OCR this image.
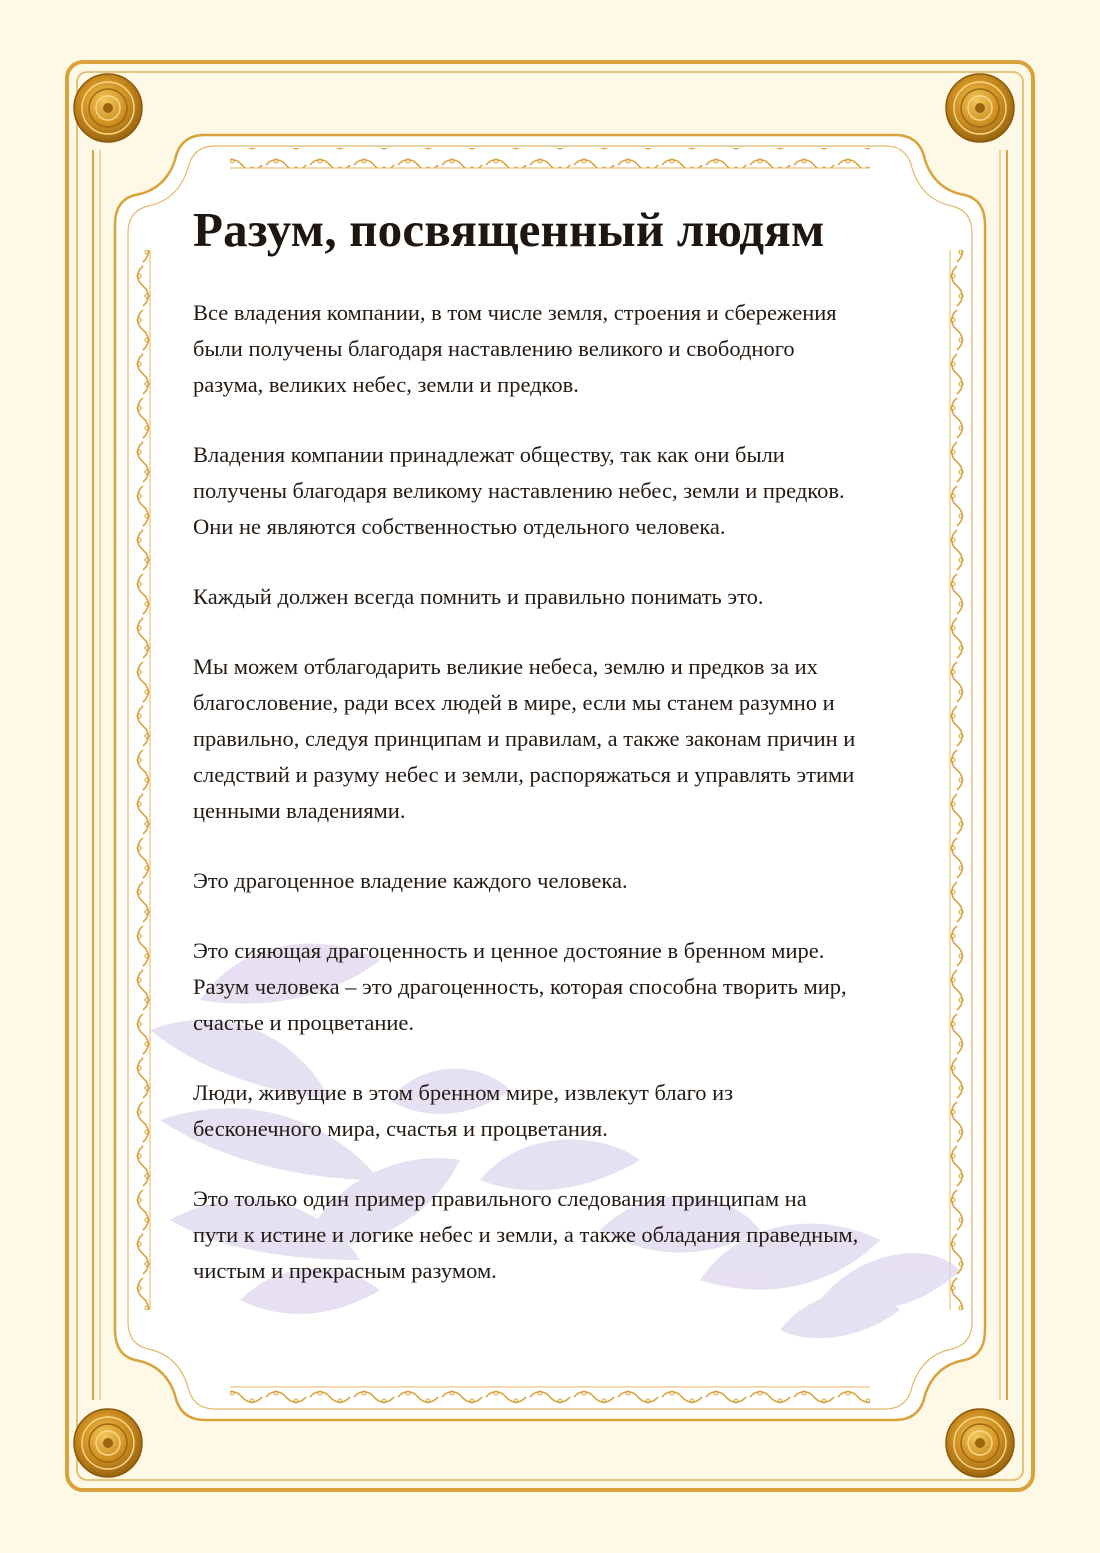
Разум, посвященный людям

Все владения компании, в том числе земля, строения и сбережения
были получены благодаря наставлению великого и свободного
разума, великих небес, земли и предков.

Владения компании принадлежат обществу, так как они были
получены благодаря великому наставлению небес, земли и предков.
Они не являются собственностью отдельного человека.

Каждый должен всегда помнить и правильно понимать это.

Мы можем отблагодарить великие небеса, землю и предков за их
благословение, ради всех людей в мире, если мы станем разумно и
правильно, следуя принципам и правилам, а также законам причин и
следствий и разуму небес и земли, распоряжаться и управлять этими
ценными владениями.

Это драгоценное владение каждого человека.

Это сияющая драгоценность и ценное достояние в бренном мире.
Разум человека – это драгоценность, которая способна творить мир,
счастье и процветание.

Люди, живущие в этом бренном мире, извлекут благо из
бесконечного мира, счастья и процветания.

Это только один пример правильного следования принципам на
пути к истине и логике небес и земли, а также обладания праведным,
чистым и прекрасным разумом.
